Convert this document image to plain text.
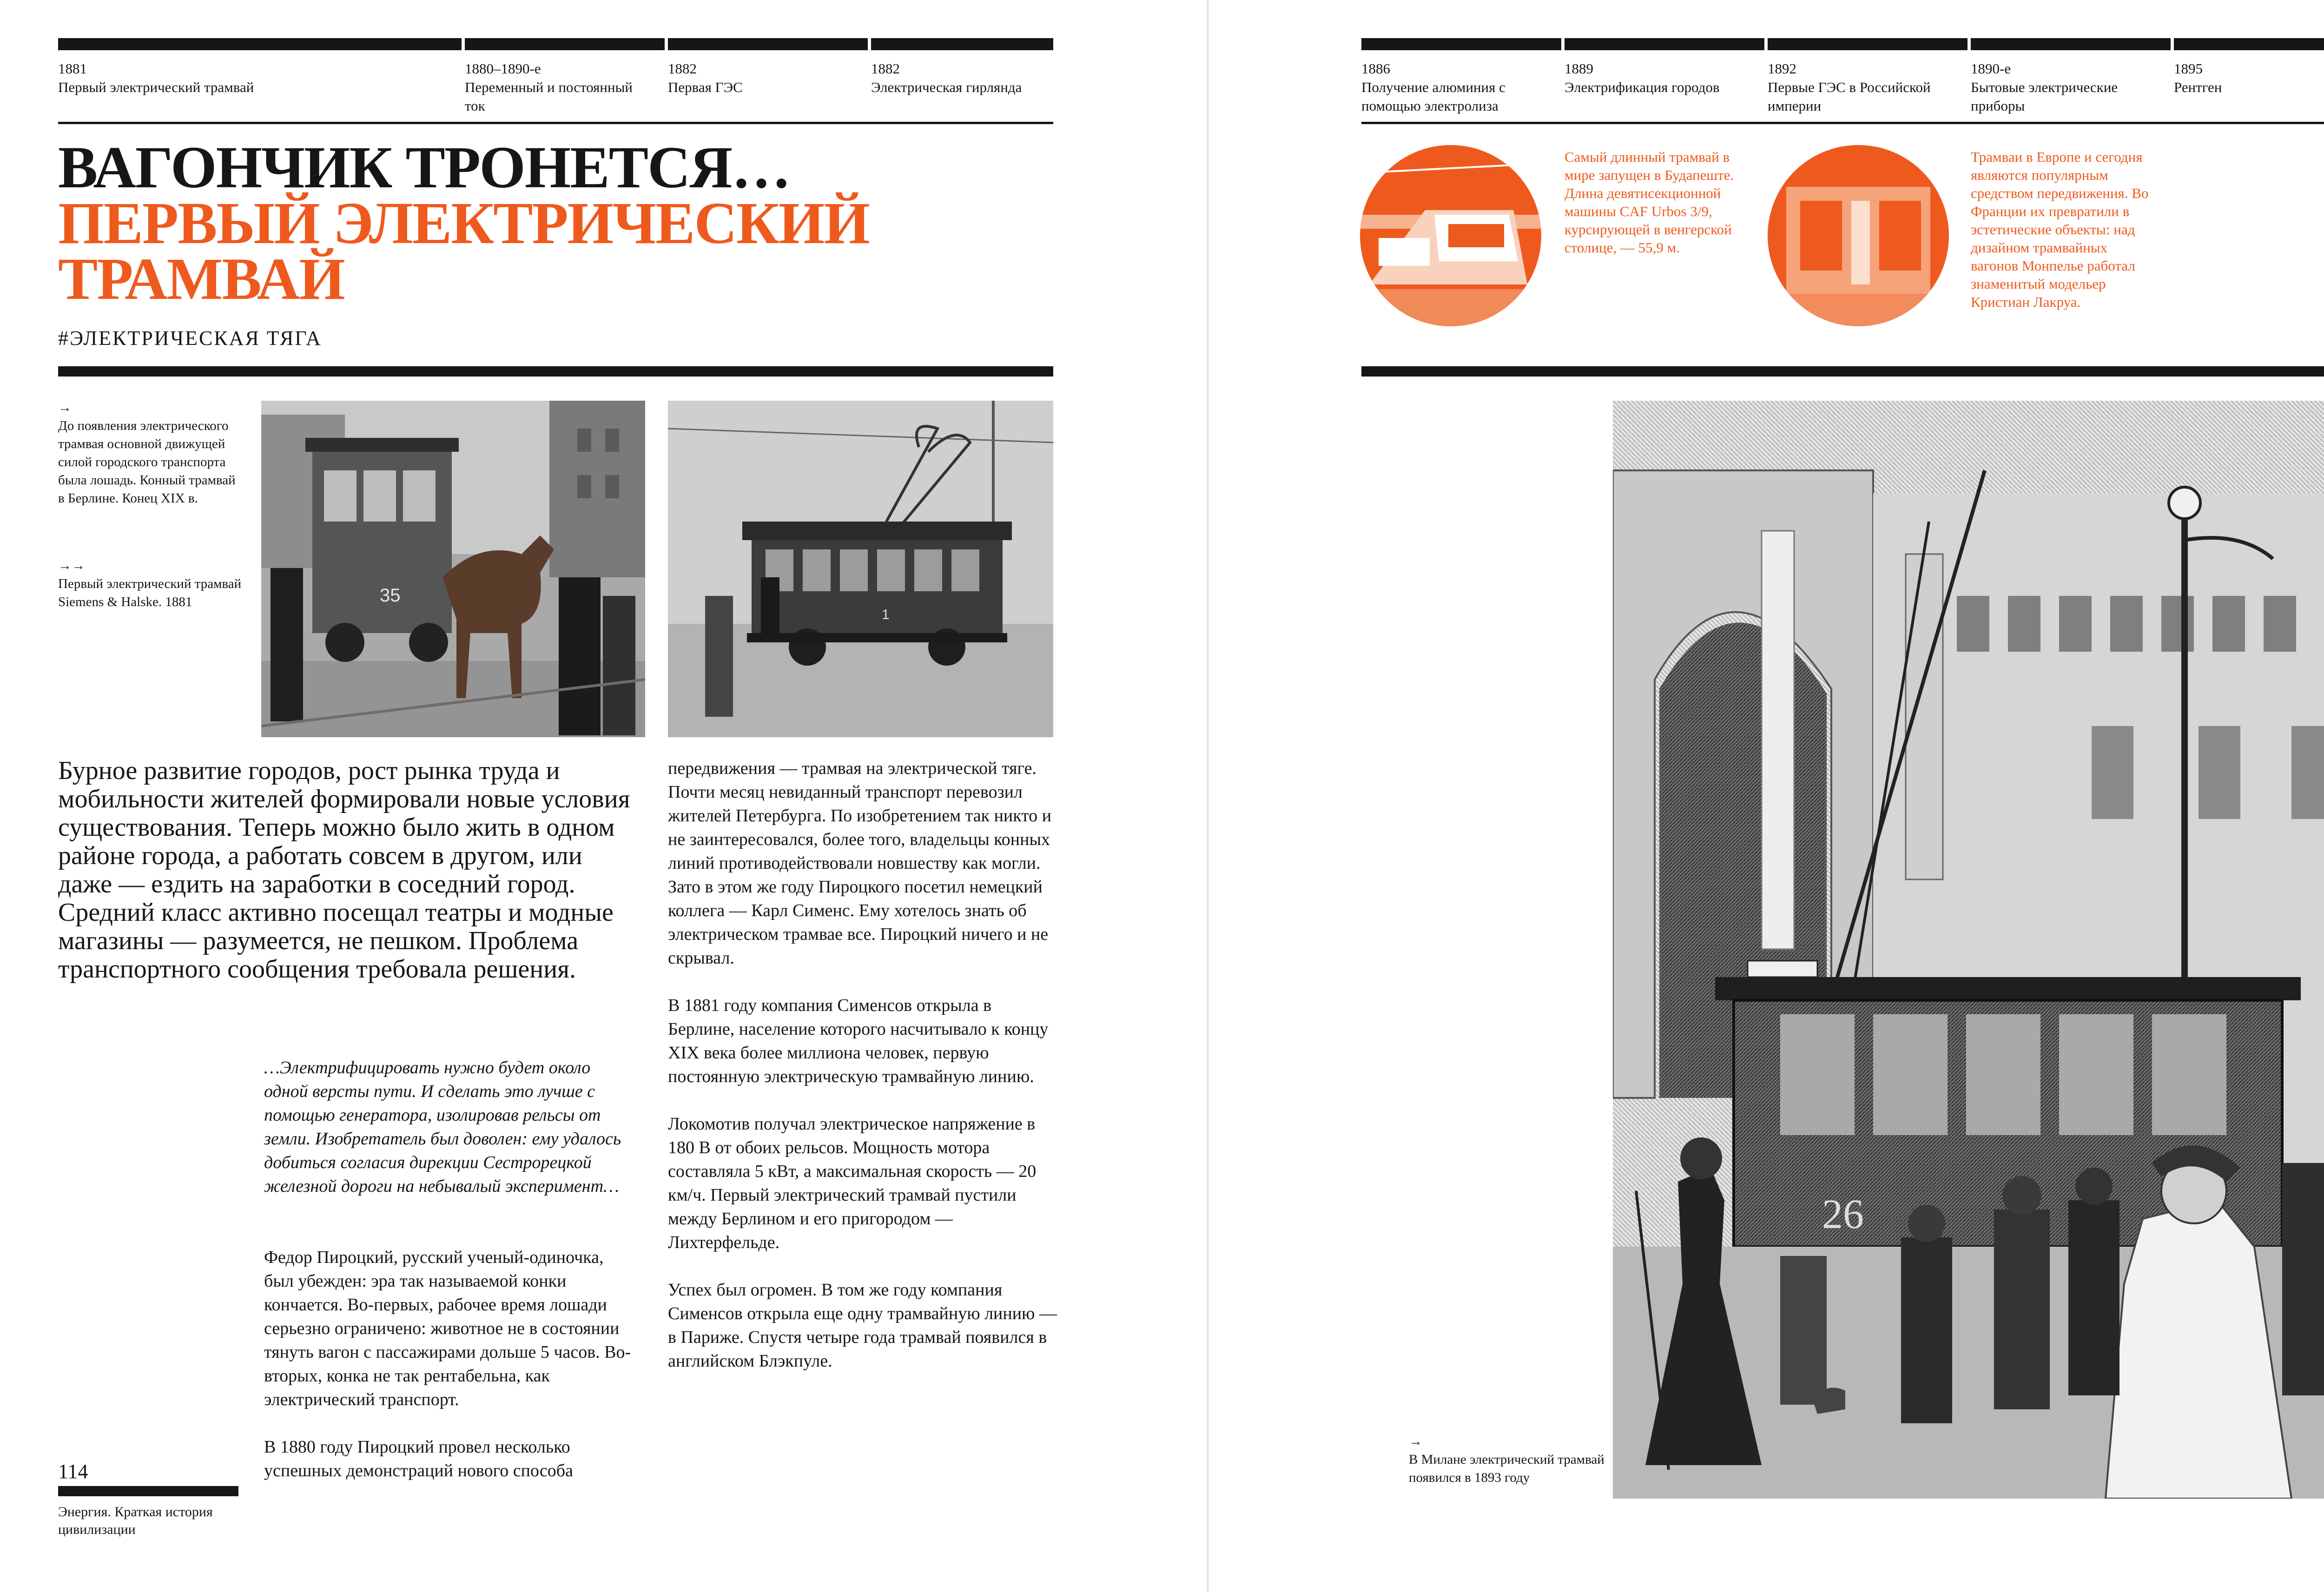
1881
Первый электрический трамвай
1880–1890-е
Переменный и постоянный ток
1882
Первая ГЭС
1882
Электрическая гирлянда
ВАГОНЧИК ТРОНЕТСЯ…
ПЕРВЫЙ ЭЛЕКТРИЧЕСКИЙ
ТРАМВАЙ
#ЭЛЕКТРИЧЕСКАЯ ТЯГА
→
До появления электрического трамвая основной движущей силой городского транспорта была лошадь. Конный трамвай в Берлине. Конец XIX в.
→→
Первый электрический трамвай Siemens & Halske. 1881	35
1
Бурное развитие городов, рост рынка труда и мобильности жителей формировали новые условия существования. Теперь можно было жить в одном районе города, а работать совсем в другом, или даже — ездить на заработки в соседний город. Средний класс активно посещал театры и модные магазины — разумеется, не пешком. Проблема транспортного сообщения требовала решения.
…Электрифицировать нужно будет около одной версты пути. И сделать это лучше с помощью генератора, изолировав рельсы от земли. Изобретатель был доволен: ему удалось добиться согласия дирекции Сестрорецкой железной дороги на небывалый эксперимент…

Федор Пироцкий, русский ученый-одиночка, был убежден: эра так называемой конки кончается. Во-первых, рабочее время лошади серьезно ограничено: животное не в состоянии тянуть вагон с пассажирами дольше 5 часов. Во-вторых, конка не так рентабельна, как электрический транспорт.

В 1880 году Пироцкий провел несколько успешных демонстраций нового способа

передвижения — трамвая на электрической тяге. Почти месяц невиданный транспорт перевозил жителей Петербурга. По изобретением так никто и не заинтересовался, более того, владельцы конных линий противодействовали новшеству как могли. Зато в этом же году Пироцкого посетил немецкий коллега — Карл Сименс. Ему хотелось знать об электрическом трамвае все. Пироцкий ничего и не скрывал.

В 1881 году компания Сименсов открыла в Берлине, население которого насчитывало к концу XIX века более миллиона человек, первую постоянную электрическую трамвайную линию.

Локомотив получал электрическое напряжение в 180 В от обоих рельсов. Мощность мотора составляла 5 кВт, а максимальная скорость — 20 км/ч. Первый электрический трамвай пустили между Берлином и его пригородом — Лихтерфельде.

Успех был огромен. В том же году компания Сименсов открыла еще одну трамвайную линию — в Париже. Спустя четыре года трамвай появился в английском Блэкпуле.

114
Энергия. Краткая история цивилизации
1886
Получение алюминия с помощью электролиза
1889
Электрификация городов
1892
Первые ГЭС в Российской империи
1890-е
Бытовые электрические приборы
1895
Рентген
Самый длинный трамвай в мире запущен в Будапеште. Длина девятисекционной машины CAF Urbos 3/9, курсирующей в венгерской столице, — 55,9 м.
Трамваи в Европе и сегодня являются популярным средством передвижения. Во Франции их превратили в эстетические объекты: над дизайном трамвайных вагонов Монпелье работал знаменитый модельер Кристиан Лакруа.
→
В Милане электрический трамвай появился в 1893 году
26
